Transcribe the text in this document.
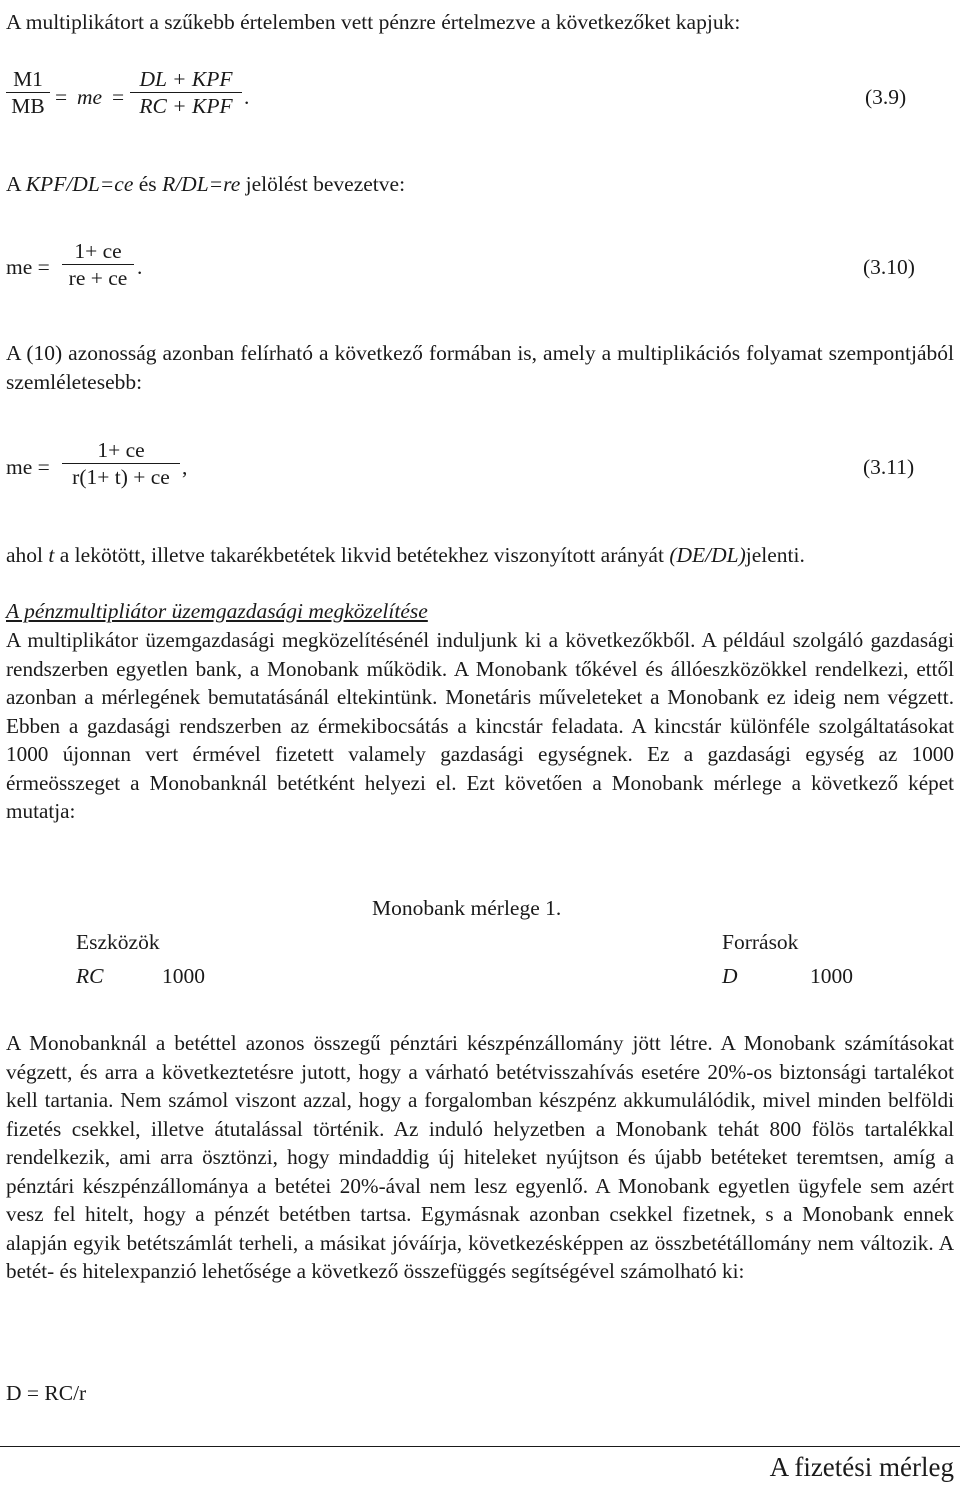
A multiplikátort a szűkebb értelemben vett pénzre értelmezve a következőket kapjuk:
M1
MB = me =
DL + KPF
RC + KPF .	(3.9)
A KPF/DL=ce és R/DL=re jelölést bevezetve:
me =
1+ ce
re + ce .	(3.10)
A (10) azonosság azonban felírható a következő formában is, amely a multiplikációs folyamat szempontjából szemléletesebb:
me =
1+ ce
r(1+ t) + ce ,	(3.11)
ahol t a lekötött, illetve takarékbetétek likvid betétekhez viszonyított arányát (DE/DL)jelenti.
A pénzmultipliátor üzemgazdasági megközelítése
A multiplikátor üzemgazdasági megközelítésénél induljunk ki a következőkből. A például szolgáló gazdasági rendszerben egyetlen bank, a Monobank működik. A Monobank tőkével és állóeszközökkel rendelkezi, ettől azonban a mérlegének bemutatásánál eltekintünk. Monetáris műveleteket a Monobank ez ideig nem végzett. Ebben a gazdasági rendszerben az érmekibocsátás a kincstár feladata. A kincstár különféle szolgáltatásokat 1000 újonnan vert érmével fizetett valamely gazdasági egységnek. Ez a gazdasági egység az 1000 érmeösszeget a Monobanknál betétként helyezi el. Ezt követően a Monobank mérlege a következő képet mutatja:
Monobank mérlege 1.
Eszközök	Források
RC	1000	D	1000
A Monobanknál a betéttel azonos összegű pénztári készpénzállomány jött létre. A Monobank számításokat végzett, és arra a következtetésre jutott, hogy a várható betétvisszahívás esetére 20%-os biztonsági tartalékot kell tartania. Nem számol viszont azzal, hogy a forgalomban készpénz akkumulálódik, mivel minden belföldi fizetés csekkel, illetve átutalással történik. Az induló helyzetben a Monobank tehát 800 fölös tartalékkal rendelkezik, ami arra ösztönzi, hogy mindaddig új hiteleket nyújtson és újabb betéteket teremtsen, amíg a pénztári készpénzállománya a betétei 20%-ával nem lesz egyenlő. A Monobank egyetlen ügyfele sem azért vesz fel hitelt, hogy a pénzét betétben tartsa. Egymásnak azonban csekkel fizetnek, s a Monobank ennek alapján egyik betétszámlát terheli, a másikat jóváírja, következésképpen az összbetétállomány nem változik. A betét- és hitelexpanzió lehetősége a következő összefüggés segítségével számolható ki:
D = RC/r
A fizetési mérleg
